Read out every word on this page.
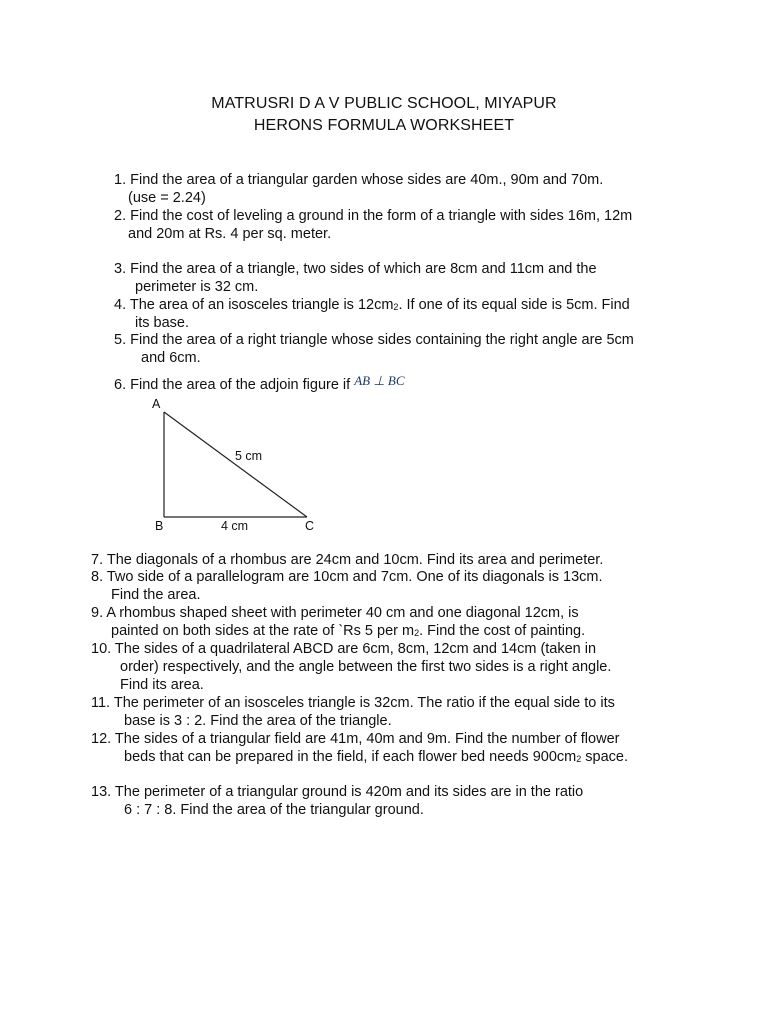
MATRUSRI D A V PUBLIC SCHOOL, MIYAPUR
HERONS FORMULA WORKSHEET
1. Find the area of a triangular garden whose sides are 40m., 90m and 70m.
(use = 2.24)
2. Find the cost of leveling a ground in the form of a triangle with sides 16m, 12m
and 20m at Rs. 4 per sq. meter.
3. Find the area of a triangle, two sides of which are 8cm and 11cm and the
perimeter is 32 cm.
4. The area of an isosceles triangle is 12cm2. If one of its equal side is 5cm. Find
its base.
5. Find the area of a right triangle whose sides containing the right angle are 5cm
and 6cm.
6. Find the area of the adjoin figure if AB ⊥ BC
A
B	C
5 cm
4 cm
7. The diagonals of a rhombus are 24cm and 10cm. Find its area and perimeter.
8. Two side of a parallelogram are 10cm and 7cm. One of its diagonals is 13cm.
Find the area.
9. A rhombus shaped sheet with perimeter 40 cm and one diagonal 12cm, is
painted on both sides at the rate of `Rs 5 per m2. Find the cost of painting.
10. The sides of a quadrilateral ABCD are 6cm, 8cm, 12cm and 14cm (taken in
order) respectively, and the angle between the first two sides is a right angle.
Find its area.
11. The perimeter of an isosceles triangle is 32cm. The ratio if the equal side to its
base is 3 : 2. Find the area of the triangle.
12. The sides of a triangular field are 41m, 40m and 9m. Find the number of flower
beds that can be prepared in the field, if each flower bed needs 900cm2 space.
13. The perimeter of a triangular ground is 420m and its sides are in the ratio
6 : 7 : 8. Find the area of the triangular ground.
